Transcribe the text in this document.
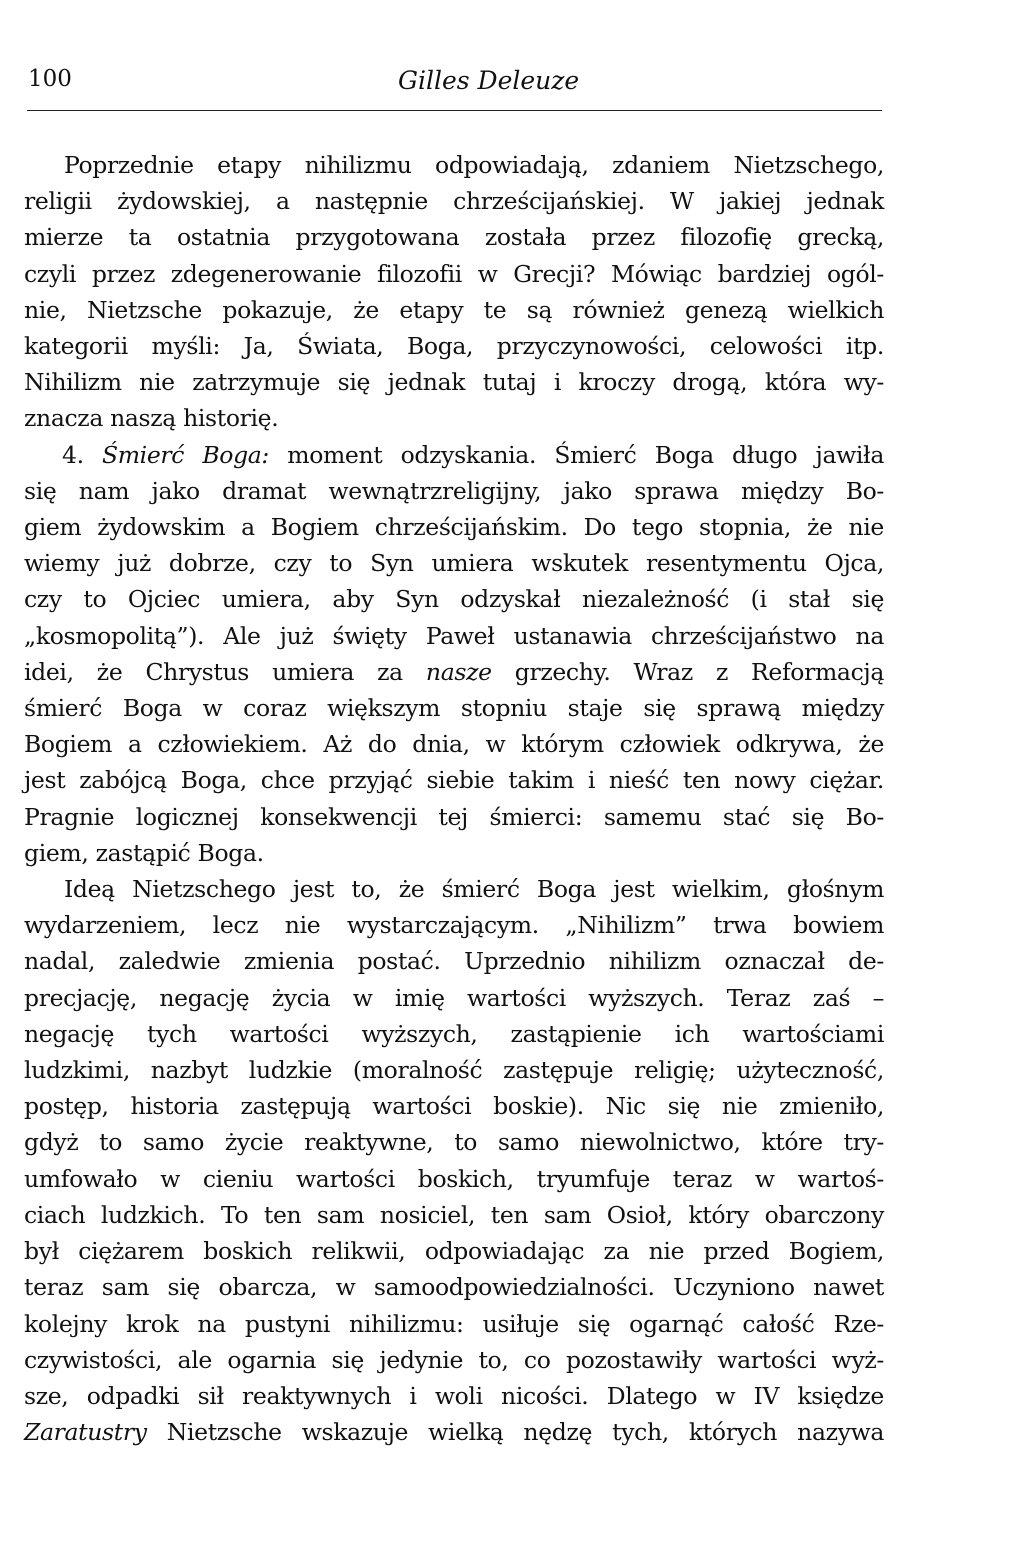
100	Gilles Deleuze
Poprzednie etapy nihilizmu odpowiadają, zdaniem Nietzschego,
religii żydowskiej, a następnie chrześcijańskiej. W jakiej jednak
mierze ta ostatnia przygotowana została przez filozofię grecką,
czyli przez zdegenerowanie filozofii w Grecji? Mówiąc bardziej ogól-
nie, Nietzsche pokazuje, że etapy te są również genezą wielkich
kategorii myśli: Ja, Świata, Boga, przyczynowości, celowości itp.
Nihilizm nie zatrzymuje się jednak tutaj i kroczy drogą, która wy-
znacza naszą historię.
4. Śmierć Boga: moment odzyskania. Śmierć Boga długo jawiła
się nam jako dramat wewnątrzreligijny, jako sprawa między Bo-
giem żydowskim a Bogiem chrześcijańskim. Do tego stopnia, że nie
wiemy już dobrze, czy to Syn umiera wskutek resentymentu Ojca,
czy to Ojciec umiera, aby Syn odzyskał niezależność (i stał się
„kosmopolitą”). Ale już święty Paweł ustanawia chrześcijaństwo na
idei, że Chrystus umiera za nasze grzechy. Wraz z Reformacją
śmierć Boga w coraz większym stopniu staje się sprawą między
Bogiem a człowiekiem. Aż do dnia, w którym człowiek odkrywa, że
jest zabójcą Boga, chce przyjąć siebie takim i nieść ten nowy ciężar.
Pragnie logicznej konsekwencji tej śmierci: samemu stać się Bo-
giem, zastąpić Boga.
Ideą Nietzschego jest to, że śmierć Boga jest wielkim, głośnym
wydarzeniem, lecz nie wystarczającym. „Nihilizm” trwa bowiem
nadal, zaledwie zmienia postać. Uprzednio nihilizm oznaczał de-
precjację, negację życia w imię wartości wyższych. Teraz zaś –
negację tych wartości wyższych, zastąpienie ich wartościami
ludzkimi, nazbyt ludzkie (moralność zastępuje religię; użyteczność,
postęp, historia zastępują wartości boskie). Nic się nie zmieniło,
gdyż to samo życie reaktywne, to samo niewolnictwo, które try-
umfowało w cieniu wartości boskich, tryumfuje teraz w wartoś-
ciach ludzkich. To ten sam nosiciel, ten sam Osioł, który obarczony
był ciężarem boskich relikwii, odpowiadając za nie przed Bogiem,
teraz sam się obarcza, w samoodpowiedzialności. Uczyniono nawet
kolejny krok na pustyni nihilizmu: usiłuje się ogarnąć całość Rze-
czywistości, ale ogarnia się jedynie to, co pozostawiły wartości wyż-
sze, odpadki sił reaktywnych i woli nicości. Dlatego w IV księdze
Zaratustry Nietzsche wskazuje wielką nędzę tych, których nazywa
